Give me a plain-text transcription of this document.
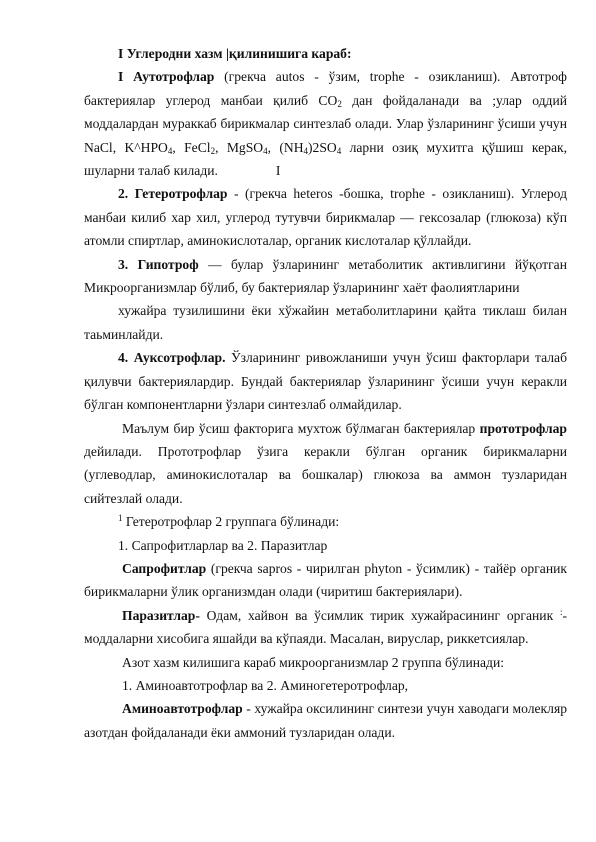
I Углеродни хазм |қилинишига караб:

I Аутотрофлар (грекча autos - ўзим, trophe - озикланиш). Автотроф бактериялар углерод манбаи қилиб $СО_2$ дан фойдаланади ва ;улар оддий моддалардан мураккаб бирикмалар синтезлаб олади. Улар ўзларининг ўсиши учун NaCl, $K\^{}HPO_4$, FeCl$_2$, MgSO$_4$, $(NH_4)2SO_4$ ларни озиқ мухитга қўшиш керак, шуларни талаб килади.	I

2. Гетеротрофлар - (грекча heteros -бошка, trophe - озикланиш). Углерод манбаи килиб хар хил, углерод тутувчи бирикмалар — гексозалар (глюкоза) кўп атомли спиртлар, аминокислоталар, органик кислоталар қўллайди.

3. Гипотроф — булар ўзларининг метаболитик активлигини йўқотган Микроорганизмлар бўлиб, бу бактериялар ўзларининг хаёт фаолиятларини

хужайра тузилишини ёки хўжайин метаболитларини қайта тиклаш билан таьминлайди.

4. Ауксотрофлар. Ўзларининг ривожланиши учун ўсиш факторлари талаб қилувчи бактериялардир. Бундай бактериялар ўзларининг ўсиши учун керакли бўлган компонентларни ўзлари синтезлаб олмайдилар.

Маълум бир ўсиш факторига мухтож бўлмаган бактериялар прототрофлар дейилади. Прототрофлар ўзига керакли бўлган органик бирикмаларни (углеводлар, аминокислоталар ва бошкалар) глюкоза ва аммон тузларидан сийтезлай олади.

$^1$ Гетеротрофлар 2 группага бўлинади:

1. Сапрофитларлар ва 2. Паразитлар

Сапрофитлар (грекча sapros - чирилган phyton - ўсимлик) - тайёр органик бирикмаларни ўлик организмдан олади (чиритиш бактериялари).

Паразитлар- Одам, хайвон ва ўсимлик тирик хужайрасининг органик :-моддаларни хисобига яшайди ва кўпаяди. Масалан, вируслар, риккетсиялар.

Азот хазм килишига караб микроорганизмлар 2 группа бўлинади:

1. Аминоавтотрофлар ва 2. Аминогетеротрофлар,

Аминоавтотрофлар - хужайра оксилининг синтези учун хаводаги молекляр азотдан фойдаланади ёки аммоний тузларидан олади.
